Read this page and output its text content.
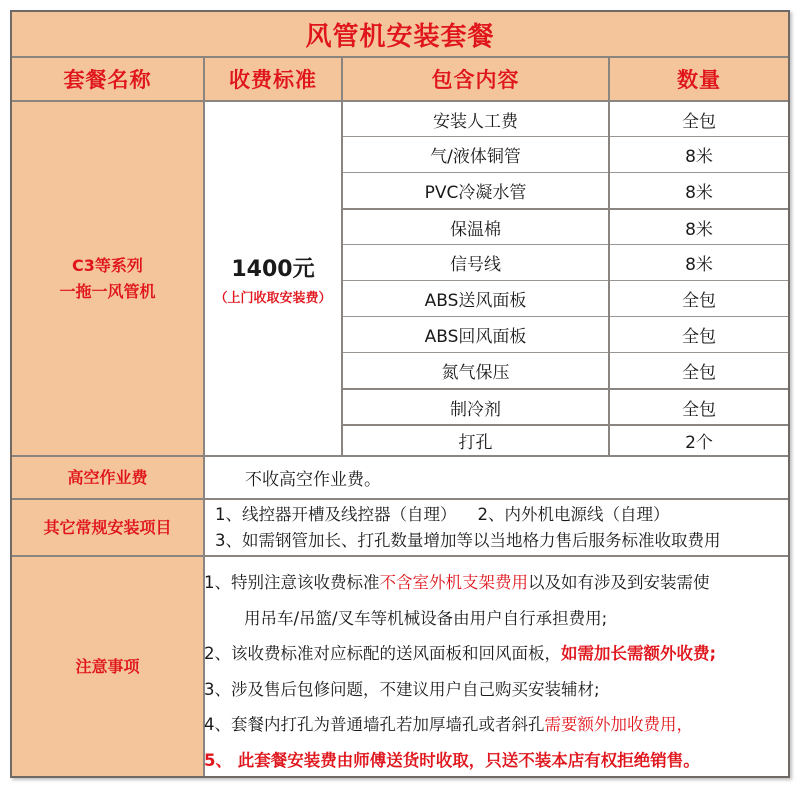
风管机安装套餐
套餐名称	收费标准	包含内容	数量
C3等系列
一拖一风管机
1400元
（上门收取安装费）
安装人工费	全包
气/液体铜管	8米
PVC冷凝水管	8米
保温棉	8米
信号线	8米
ABS送风面板	全包
ABS回风面板	全包
氮气保压	全包
制冷剂	全包
打孔	2个
高空作业费	不收高空作业费。
其它常规安装项目
1、线控器开槽及线控器（自理）    2、内外机电源线（自理）
3、如需钢管加长、打孔数量增加等以当地格力售后服务标准收取费用
注意事项
1、特别注意该收费标准不含室外机支架费用以及如有涉及到安装需使
用吊车/吊篮/叉车等机械设备由用户自行承担费用;
2、该收费标准对应标配的送风面板和回风面板，如需加长需额外收费;
3、涉及售后包修问题，不建议用户自己购买安装辅材;
4、套餐内打孔为普通墙孔若加厚墙孔或者斜孔需要额外加收费用，
5、 此套餐安装费由师傅送货时收取，只送不装本店有权拒绝销售。
